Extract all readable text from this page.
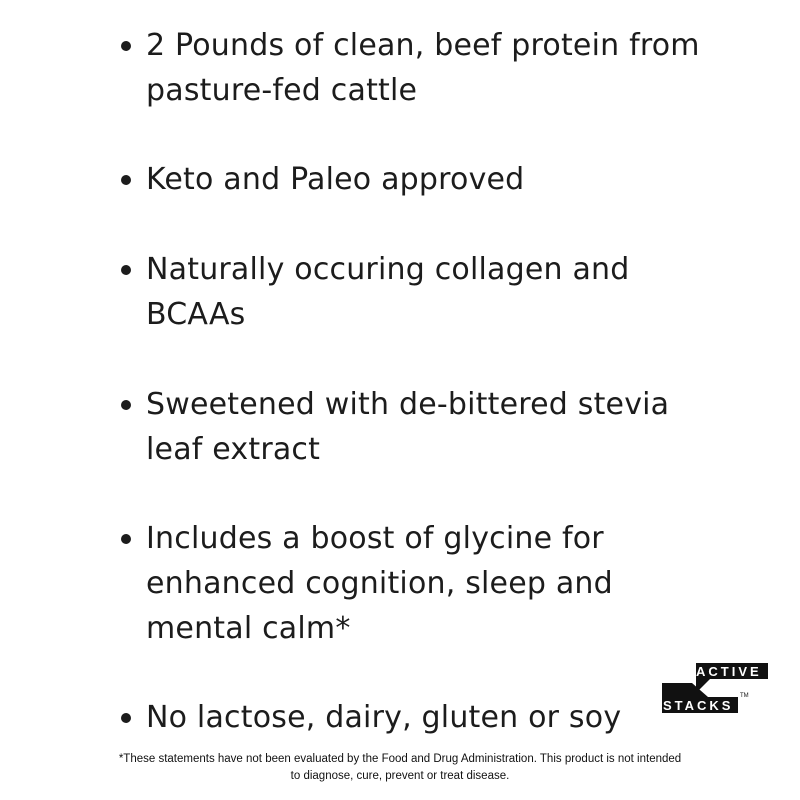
2 Pounds of clean, beef protein from
pasture-fed cattle
Keto and Paleo approved
Naturally occuring collagen and
BCAAs
Sweetened with de-bittered stevia
leaf extract
Includes a boost of glycine for
enhanced cognition, sleep and
mental calm*
No lactose, dairy, gluten or soy
ACTIVE
STACKS
TM
*These statements have not been evaluated by the Food and Drug Administration. This product is not intended
to diagnose, cure, prevent or treat disease.
